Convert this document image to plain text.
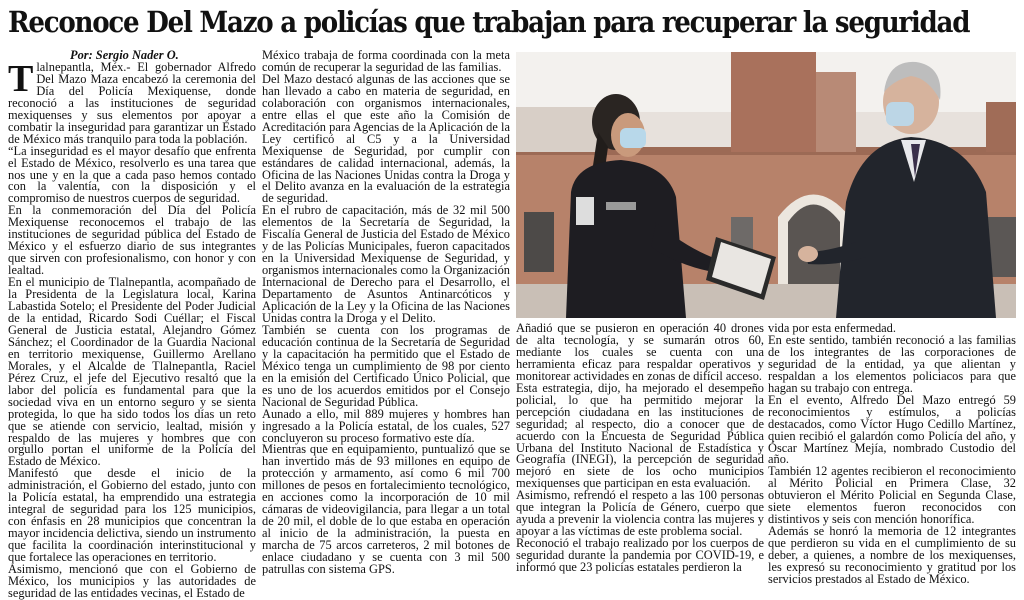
Reconoce Del Mazo a policías que trabajan para recuperar la seguridad

Por: Sergio Nader O.

Tlalnepantla, Méx.- El gobernador Alfredo Del Mazo Maza encabezó la ceremonia del Día del Policía Mexiquense, donde reconoció a las instituciones de seguridad mexiquenses y sus elementos por apoyar a combatir la inseguridad para garantizar un Estado de México más tranquilo para toda la población.

“La inseguridad es el mayor desafío que enfrenta el Estado de México, resolverlo es una tarea que nos une y en la que a cada paso hemos contado con la valentía, con la disposición y el compromiso de nuestros cuerpos de seguridad.

En la conmemoración del Día del Policía Mexiquense reconocemos el trabajo de las instituciones de seguridad pública del Estado de México y el esfuerzo diario de sus integrantes que sirven con profesionalismo, con honor y con lealtad.

En el municipio de Tlalnepantla, acompañado de la Presidenta de la Legislatura local, Karina Labastida Sotelo; el Presidente del Poder Judicial de la entidad, Ricardo Sodi Cuéllar; el Fiscal General de Justicia estatal, Alejandro Gómez Sánchez; el Coordinador de la Guardia Nacional en territorio mexiquense, Guillermo Arellano Morales, y el Alcalde de Tlalnepantla, Raciel Pérez Cruz, el jefe del Ejecutivo resaltó que la labor del policía es fundamental para que la sociedad viva en un entorno seguro y se sienta protegida, lo que ha sido todos los días un reto que se atiende con servicio, lealtad, misión y respaldo de las mujeres y hombres que con orgullo portan el uniforme de la Policía del Estado de México.

Manifestó que desde el inicio de la administración, el Gobierno del estado, junto con la Policía estatal, ha emprendido una estrategia integral de seguridad para los 125 municipios, con énfasis en 28 municipios que concentran la mayor incidencia delictiva, siendo un instrumento que facilita la coordinación interinstitucional y que fortalece las operaciones en territorio.

Asimismo, mencionó que con el Gobierno de México, los municipios y las autoridades de seguridad de las entidades vecinas, el Estado de

México trabaja de forma coordinada con la meta común de recuperar la seguridad de las familias.

Del Mazo destacó algunas de las acciones que se han llevado a cabo en materia de seguridad, en colaboración con organismos internacionales, entre ellas el que este año la Comisión de Acreditación para Agencias de la Aplicación de la Ley certificó al C5 y a la Universidad Mexiquense de Seguridad, por cumplir con estándares de calidad internacional, además, la Oficina de las Naciones Unidas contra la Droga y el Delito avanza en la evaluación de la estrategia de seguridad.

En el rubro de capacitación, más de 32 mil 500 elementos de la Secretaría de Seguridad, la Fiscalía General de Justicia del Estado de México y de las Policías Municipales, fueron capacitados en la Universidad Mexiquense de Seguridad, y organismos internacionales como la Organización Internacional de Derecho para el Desarrollo, el Departamento de Asuntos Antinarcóticos y Aplicación de la Ley y la Oficina de las Naciones Unidas contra la Droga y el Delito.

También se cuenta con los programas de educación continua de la Secretaría de Seguridad y la capacitación ha permitido que el Estado de México tenga un cumplimiento de 98 por ciento en la emisión del Certificado Único Policial, que es uno de los acuerdos emitidos por el Consejo Nacional de Seguridad Pública.

Aunado a ello, mil 889 mujeres y hombres han ingresado a la Policía estatal, de los cuales, 527 concluyeron su proceso formativo este día.

Mientras que en equipamiento, puntualizó que se han invertido más de 93 millones en equipo de protección y armamento, así como 6 mil 700 millones de pesos en fortalecimiento tecnológico, en acciones como la incorporación de 10 mil cámaras de videovigilancia, para llegar a un total de 20 mil, el doble de lo que estaba en operación al inicio de la administración, la puesta en marcha de 75 arcos carreteros, 2 mil botones de enlace ciudadano y se cuenta con 3 mil 500 patrullas con sistema GPS.

Añadió que se pusieron en operación 40 drones de alta tecnología, y se sumarán otros 60, mediante los cuales se cuenta con una herramienta eficaz para respaldar operativos y monitorear actividades en zonas de difícil acceso.

Esta estrategia, dijo, ha mejorado el desempeño policial, lo que ha permitido mejorar la percepción ciudadana en las instituciones de seguridad; al respecto, dio a conocer que de acuerdo con la Encuesta de Seguridad Pública Urbana del Instituto Nacional de Estadística y Geografía (INEGI), la percepción de seguridad mejoró en siete de los ocho municipios mexiquenses que participan en esta evaluación.

Asimismo, refrendó el respeto a las 100 personas que integran la Policía de Género, cuerpo que ayuda a prevenir la violencia contra las mujeres y apoyar a las víctimas de este problema social.

Reconoció el trabajo realizado por los cuerpos de seguridad durante la pandemia por COVID-19, e informó que 23 policías estatales perdieron la

vida por esta enfermedad.

En este sentido, también reconoció a las familias de los integrantes de las corporaciones de seguridad de la entidad, ya que alientan y respaldan a los elementos policiacos para que hagan su trabajo con entrega.

En el evento, Alfredo Del Mazo entregó 59 reconocimientos y estímulos, a policías destacados, como Víctor Hugo Cedillo Martínez, quien recibió el galardón como Policía del año, y Óscar Martínez Mejía, nombrado Custodio del año.

También 12 agentes recibieron el reconocimiento al Mérito Policial en Primera Clase, 32 obtuvieron el Mérito Policial en Segunda Clase, siete elementos fueron reconocidos con distintivos y seis con mención honorífica.

Además se honró la memoria de 12 integrantes que perdieron su vida en el cumplimiento de su deber, a quienes, a nombre de los mexiquenses, les expresó su reconocimiento y gratitud por los servicios prestados al Estado de México.
